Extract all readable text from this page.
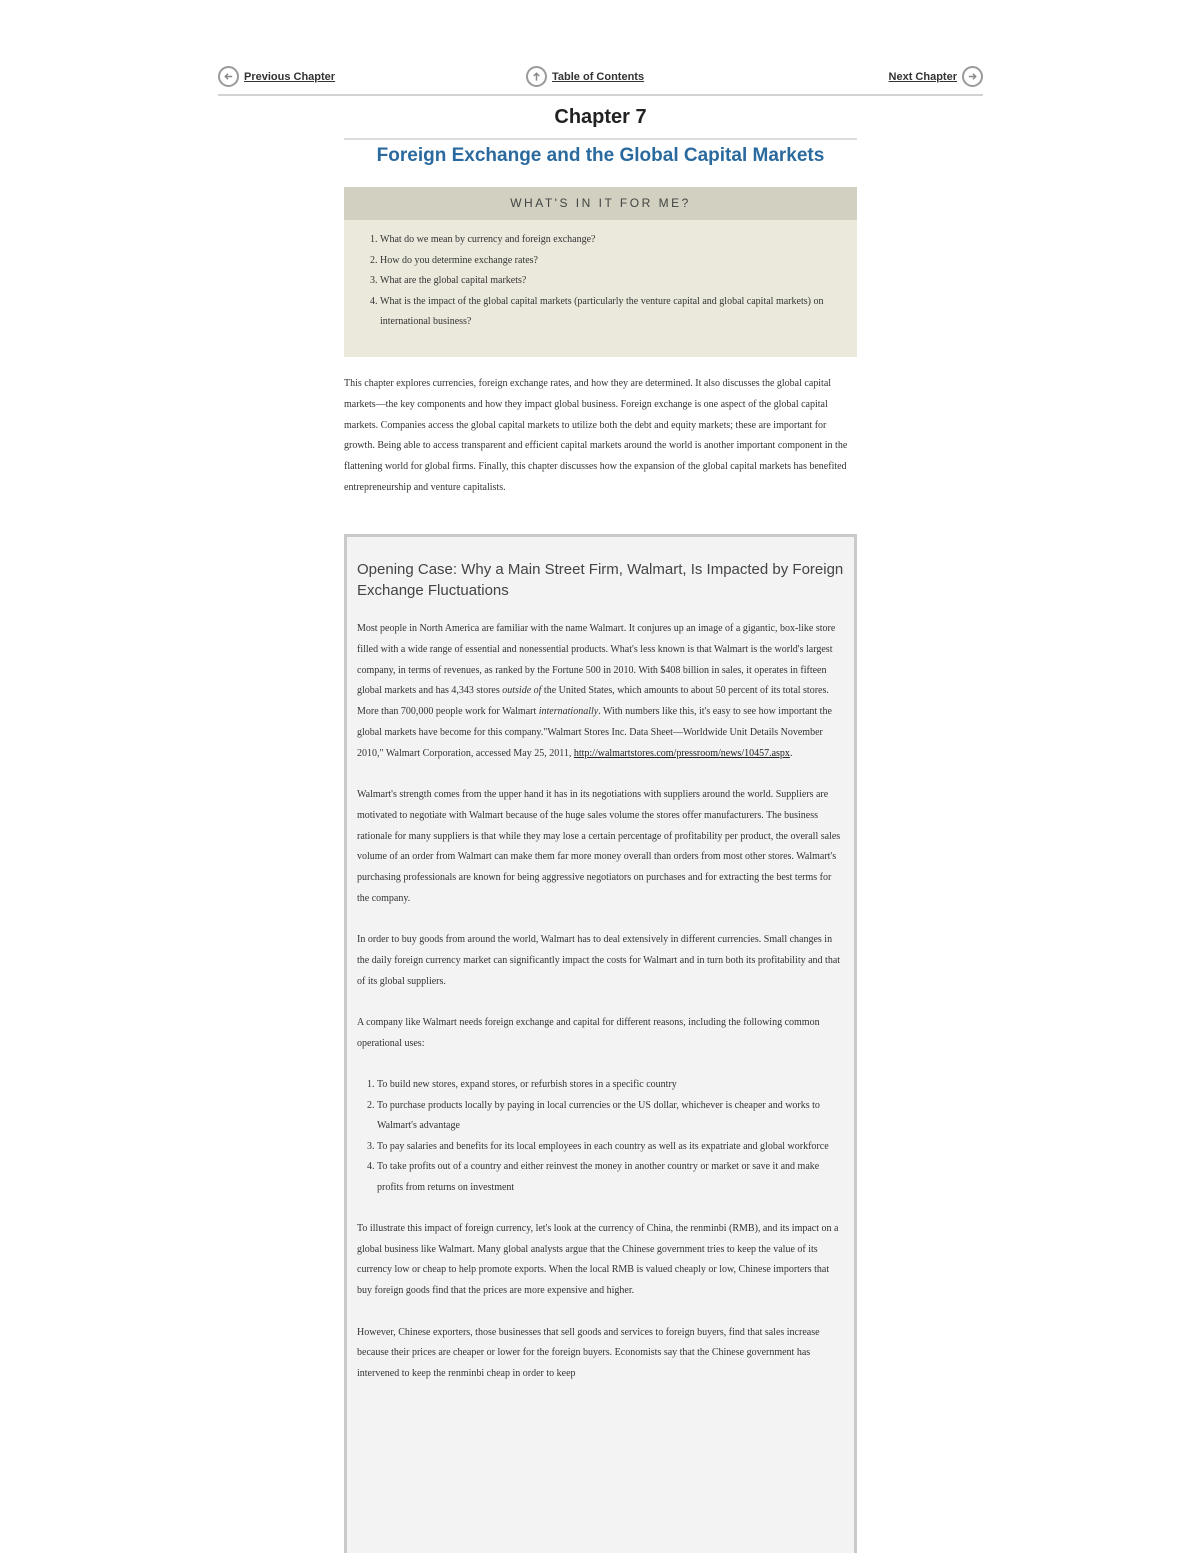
Previous Chapter	Table of Contents	Next Chapter
Chapter 7
Foreign Exchange and the Global Capital Markets
WHAT'S IN IT FOR ME?
1. What do we mean by currency and foreign exchange?
2. How do you determine exchange rates?
3. What are the global capital markets?
4. What is the impact of the global capital markets (particularly the venture capital and global capital markets) on international business?

This chapter explores currencies, foreign exchange rates, and how they are determined. It also discusses the global capital markets—the key components and how they impact global business. Foreign exchange is one aspect of the global capital markets. Companies access the global capital markets to utilize both the debt and equity markets; these are important for growth. Being able to access transparent and efficient capital markets around the world is another important component in the flattening world for global firms. Finally, this chapter discusses how the expansion of the global capital markets has benefited entrepreneurship and venture capitalists.

Opening Case: Why a Main Street Firm, Walmart, Is Impacted by Foreign Exchange Fluctuations

Most people in North America are familiar with the name Walmart. It conjures up an image of a gigantic, box-like store filled with a wide range of essential and nonessential products. What's less known is that Walmart is the world's largest company, in terms of revenues, as ranked by the Fortune 500 in 2010. With $408 billion in sales, it operates in fifteen global markets and has 4,343 stores outside of the United States, which amounts to about 50 percent of its total stores. More than 700,000 people work for Walmart internationally. With numbers like this, it's easy to see how important the global markets have become for this company."Walmart Stores Inc. Data Sheet—Worldwide Unit Details November 2010," Walmart Corporation, accessed May 25, 2011, http://walmartstores.com/pressroom/news/10457.aspx.

Walmart's strength comes from the upper hand it has in its negotiations with suppliers around the world. Suppliers are motivated to negotiate with Walmart because of the huge sales volume the stores offer manufacturers. The business rationale for many suppliers is that while they may lose a certain percentage of profitability per product, the overall sales volume of an order from Walmart can make them far more money overall than orders from most other stores. Walmart's purchasing professionals are known for being aggressive negotiators on purchases and for extracting the best terms for the company.

In order to buy goods from around the world, Walmart has to deal extensively in different currencies. Small changes in the daily foreign currency market can significantly impact the costs for Walmart and in turn both its profitability and that of its global suppliers.

A company like Walmart needs foreign exchange and capital for different reasons, including the following common operational uses:

1. To build new stores, expand stores, or refurbish stores in a specific country
2. To purchase products locally by paying in local currencies or the US dollar, whichever is cheaper and works to Walmart's advantage
3. To pay salaries and benefits for its local employees in each country as well as its expatriate and global workforce
4. To take profits out of a country and either reinvest the money in another country or market or save it and make profits from returns on investment

To illustrate this impact of foreign currency, let's look at the currency of China, the renminbi (RMB), and its impact on a global business like Walmart. Many global analysts argue that the Chinese government tries to keep the value of its currency low or cheap to help promote exports. When the local RMB is valued cheaply or low, Chinese importers that buy foreign goods find that the prices are more expensive and higher.

However, Chinese exporters, those businesses that sell goods and services to foreign buyers, find that sales increase because their prices are cheaper or lower for the foreign buyers. Economists say that the Chinese government has intervened to keep the renminbi cheap in order to keep
